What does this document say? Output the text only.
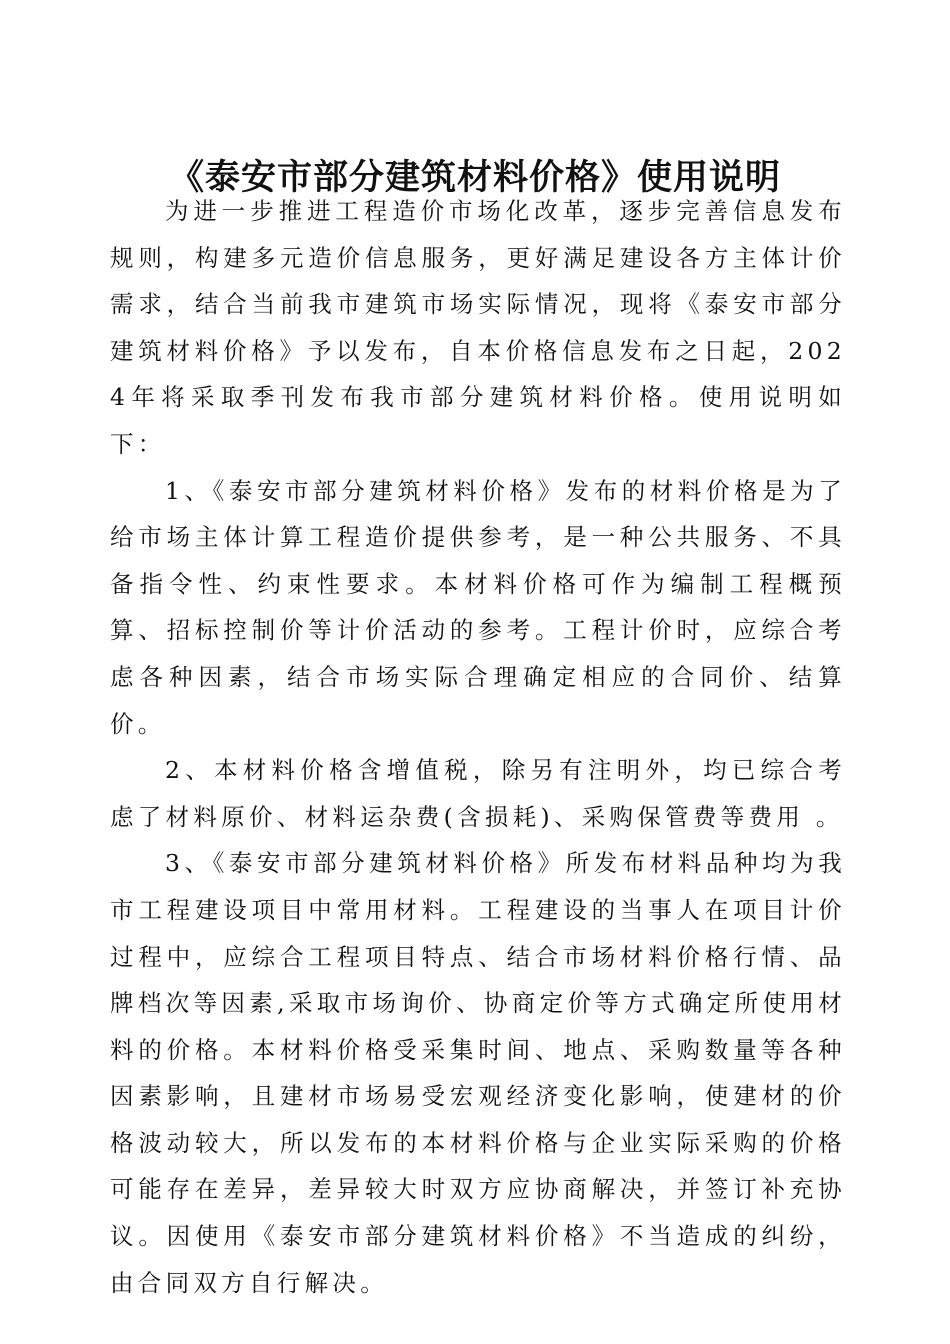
《泰安市部分建筑材料价格》使用说明

为进一步推进工程造价市场化改革，逐步完善信息发布规则，构建多元造价信息服务，更好满足建设各方主体计价需求，结合当前我市建筑市场实际情况，现将《泰安市部分建筑材料价格》予以发布，自本价格信息发布之日起，2024年将采取季刊发布我市部分建筑材料价格。使用说明如下：

1、《泰安市部分建筑材料价格》发布的材料价格是为了给市场主体计算工程造价提供参考，是一种公共服务、不具备指令性、约束性要求。本材料价格可作为编制工程概预算、招标控制价等计价活动的参考。工程计价时，应综合考虑各种因素，结合市场实际合理确定相应的合同价、结算价。

2、本材料价格含增值税，除另有注明外，均已综合考虑了材料原价、材料运杂费(含损耗)、采购保管费等费用 。

3、《泰安市部分建筑材料价格》所发布材料品种均为我市工程建设项目中常用材料。工程建设的当事人在项目计价过程中，应综合工程项目特点、结合市场材料价格行情、品牌档次等因素,采取市场询价、协商定价等方式确定所使用材料的价格。本材料价格受采集时间、地点、采购数量等各种因素影响，且建材市场易受宏观经济变化影响，使建材的价格波动较大，所以发布的本材料价格与企业实际采购的价格可能存在差异，差异较大时双方应协商解决，并签订补充协议。因使用《泰安市部分建筑材料价格》不当造成的纠纷，由合同双方自行解决。
